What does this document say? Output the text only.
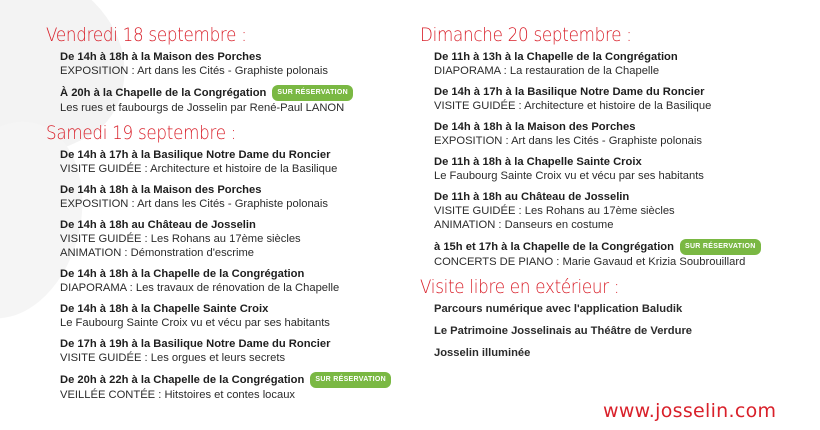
Vendredi 18 septembre :
De 14h à 18h à la Maison des Porches
EXPOSITION : Art dans les Cités - Graphiste polonais
À 20h à la Chapelle de la Congrégation SUR RÉSERVATION
Les rues et faubourgs de Josselin par René-Paul LANON
Samedi 19 septembre :
De 14h à 17h à la Basilique Notre Dame du Roncier
VISITE GUIDÉE : Architecture et histoire de la Basilique
De 14h à 18h à la Maison des Porches
EXPOSITION : Art dans les Cités - Graphiste polonais
De 14h à 18h au Château de Josselin
VISITE GUIDÉE : Les Rohans au 17ème siècles
ANIMATION : Démonstration d'escrime
De 14h à 18h à la Chapelle de la Congrégation
DIAPORAMA : Les travaux de rénovation de la Chapelle
De 14h à 18h à la Chapelle Sainte Croix
Le Faubourg Sainte Croix vu et vécu par ses habitants
De 17h à 19h à la Basilique Notre Dame du Roncier
VISITE GUIDÉE : Les orgues et leurs secrets
De 20h à 22h à la Chapelle de la Congrégation SUR RÉSERVATION
VEILLÉE CONTÉE : Hitstoires et contes locaux
Dimanche 20 septembre :
De 11h à 13h à la Chapelle de la Congrégation
DIAPORAMA : La restauration de la Chapelle
De 14h à 17h à la Basilique Notre Dame du Roncier
VISITE GUIDÉE : Architecture et histoire de la Basilique
De 14h à 18h à la Maison des Porches
EXPOSITION : Art dans les Cités - Graphiste polonais
De 11h à 18h à la Chapelle Sainte Croix
Le Faubourg Sainte Croix vu et vécu par ses habitants
De 11h à 18h au Château de Josselin
VISITE GUIDÉE : Les Rohans au 17ème siècles
ANIMATION : Danseurs en costume
à 15h et 17h à la Chapelle de la Congrégation SUR RÉSERVATION
CONCERTS DE PIANO : Marie Gavaud et Krizia Soubrouillard
Visite libre en extérieur :
Parcours numérique avec l'application Baludik
Le Patrimoine Josselinais au Théâtre de Verdure
Josselin illuminée
www.josselin.com
